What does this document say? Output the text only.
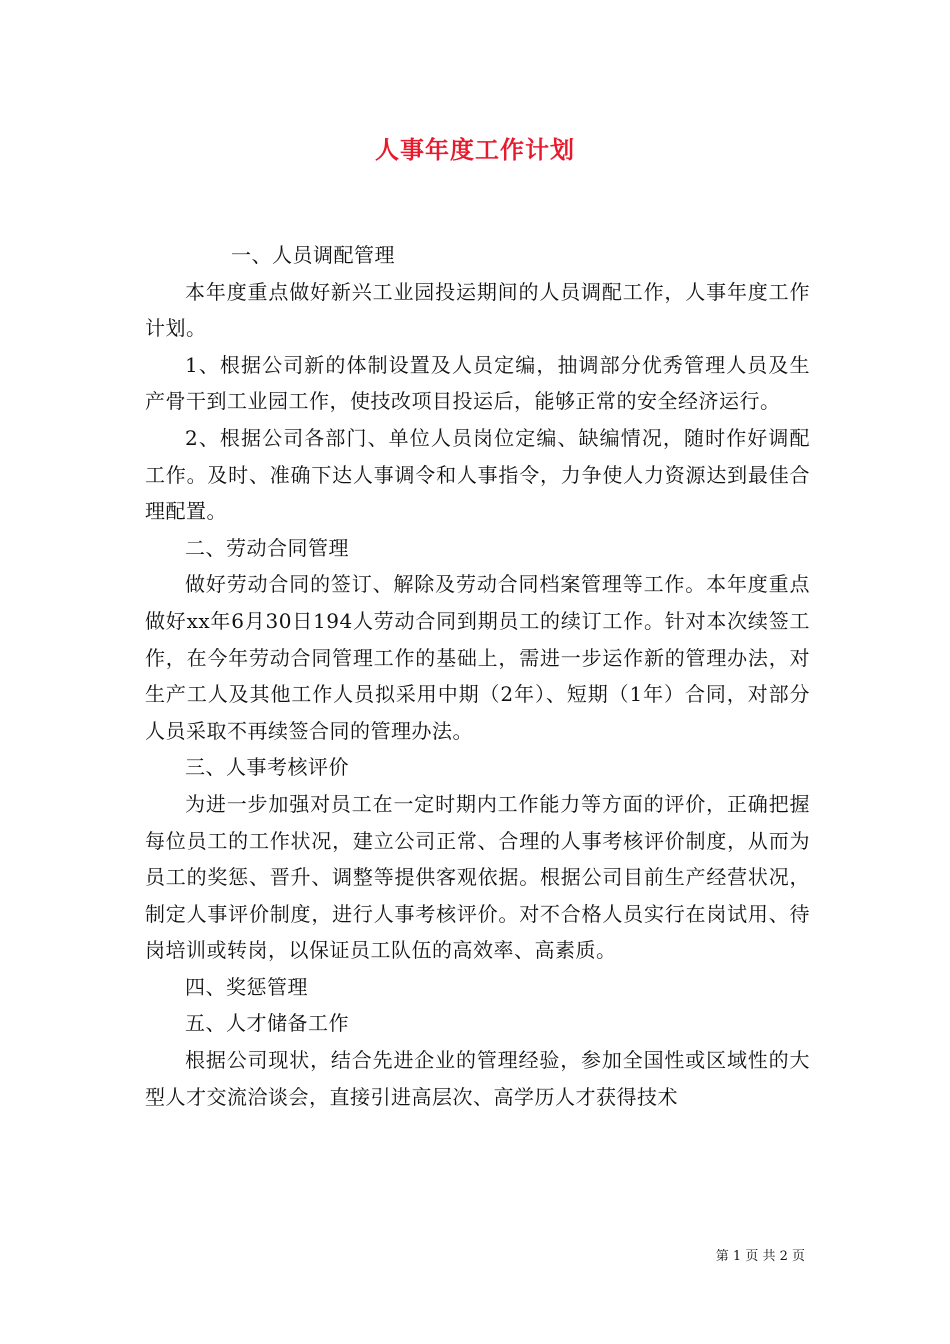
人事年度工作计划

一、人员调配管理

本年度重点做好新兴工业园投运期间的人员调配工作，人事年度工作计划。

1、根据公司新的体制设置及人员定编，抽调部分优秀管理人员及生产骨干到工业园工作，使技改项目投运后，能够正常的安全经济运行。

2、根据公司各部门、单位人员岗位定编、缺编情况，随时作好调配工作。及时、准确下达人事调令和人事指令，力争使人力资源达到最佳合理配置。

二、劳动合同管理

做好劳动合同的签订、解除及劳动合同档案管理等工作。本年度重点做好xx年6月30日194人劳动合同到期员工的续订工作。针对本次续签工作，在今年劳动合同管理工作的基础上，需进一步运作新的管理办法，对生产工人及其他工作人员拟采用中期（2年）、短期（1年）合同，对部分人员采取不再续签合同的管理办法。

三、人事考核评价

为进一步加强对员工在一定时期内工作能力等方面的评价，正确把握每位员工的工作状况，建立公司正常、合理的人事考核评价制度，从而为员工的奖惩、晋升、调整等提供客观依据。根据公司目前生产经营状况，制定人事评价制度，进行人事考核评价。对不合格人员实行在岗试用、待岗培训或转岗，以保证员工队伍的高效率、高素质。

四、奖惩管理

五、人才储备工作

根据公司现状，结合先进企业的管理经验，参加全国性或区域性的大型人才交流洽谈会，直接引进高层次、高学历人才获得技术

第 1 页 共 2 页
